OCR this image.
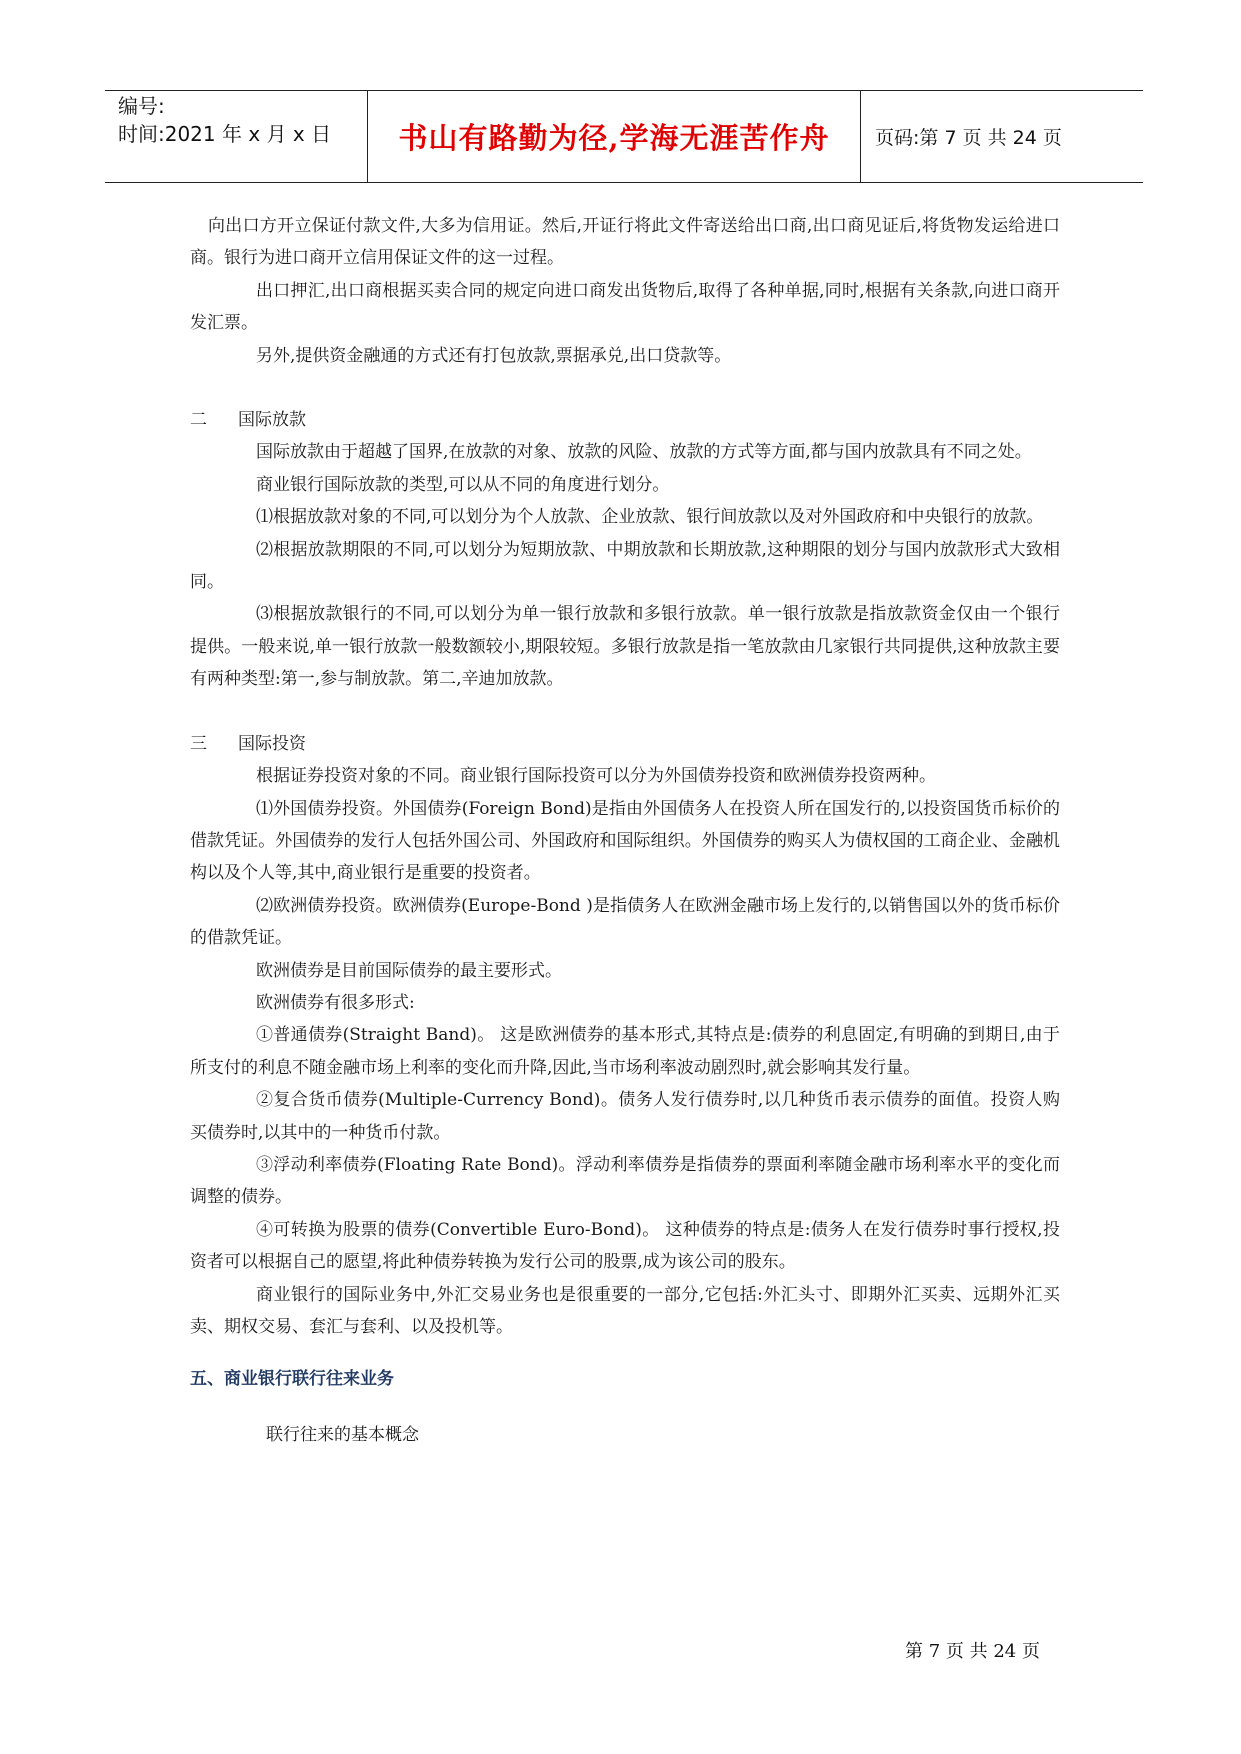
编号:
时间:2021 年 x 月 x 日	书山有路勤为径,学海无涯苦作舟	页码:第 7 页 共 24 页

向出口方开立保证付款文件,大多为信用证。然后,开证行将此文件寄送给出口商,出口商见证后,将货物发运给进口商。银行为进口商开立信用保证文件的这一过程。

出口押汇,出口商根据买卖合同的规定向进口商发出货物后,取得了各种单据,同时,根据有关条款,向进口商开发汇票。

另外,提供资金融通的方式还有打包放款,票据承兑,出口贷款等。

二 国际放款

国际放款由于超越了国界,在放款的对象、放款的风险、放款的方式等方面,都与国内放款具有不同之处。

商业银行国际放款的类型,可以从不同的角度进行划分。

⑴根据放款对象的不同,可以划分为个人放款、企业放款、银行间放款以及对外国政府和中央银行的放款。

⑵根据放款期限的不同,可以划分为短期放款、中期放款和长期放款,这种期限的划分与国内放款形式大致相同。

⑶根据放款银行的不同,可以划分为单一银行放款和多银行放款。单一银行放款是指放款资金仅由一个银行提供。一般来说,单一银行放款一般数额较小,期限较短。多银行放款是指一笔放款由几家银行共同提供,这种放款主要有两种类型:第一,参与制放款。第二,辛迪加放款。

三 国际投资

根据证券投资对象的不同。商业银行国际投资可以分为外国债券投资和欧洲债券投资两种。

⑴外国债券投资。外国债券(Foreign Bond)是指由外国债务人在投资人所在国发行的,以投资国货币标价的借款凭证。外国债券的发行人包括外国公司、外国政府和国际组织。外国债券的购买人为债权国的工商企业、金融机构以及个人等,其中,商业银行是重要的投资者。

⑵欧洲债券投资。欧洲债券(Europe-Bond )是指债务人在欧洲金融市场上发行的,以销售国以外的货币标价的借款凭证。

欧洲债券是目前国际债券的最主要形式。

欧洲债券有很多形式:

①普通债券(Straight Band)。 这是欧洲债券的基本形式,其特点是:债券的利息固定,有明确的到期日,由于所支付的利息不随金融市场上利率的变化而升降,因此,当市场利率波动剧烈时,就会影响其发行量。

②复合货币债券(Multiple-Currency Bond)。债务人发行债券时,以几种货币表示债券的面值。投资人购买债券时,以其中的一种货币付款。

③浮动利率债券(Floating Rate Bond)。浮动利率债券是指债券的票面利率随金融市场利率水平的变化而调整的债券。

④可转换为股票的债券(Convertible Euro-Bond)。 这种债券的特点是:债务人在发行债券时事行授权,投资者可以根据自己的愿望,将此种债券转换为发行公司的股票,成为该公司的股东。

商业银行的国际业务中,外汇交易业务也是很重要的一部分,它包括:外汇头寸、即期外汇买卖、远期外汇买卖、期权交易、套汇与套利、以及投机等。

五、商业银行联行往来业务

联行往来的基本概念

第 7 页 共 24 页
